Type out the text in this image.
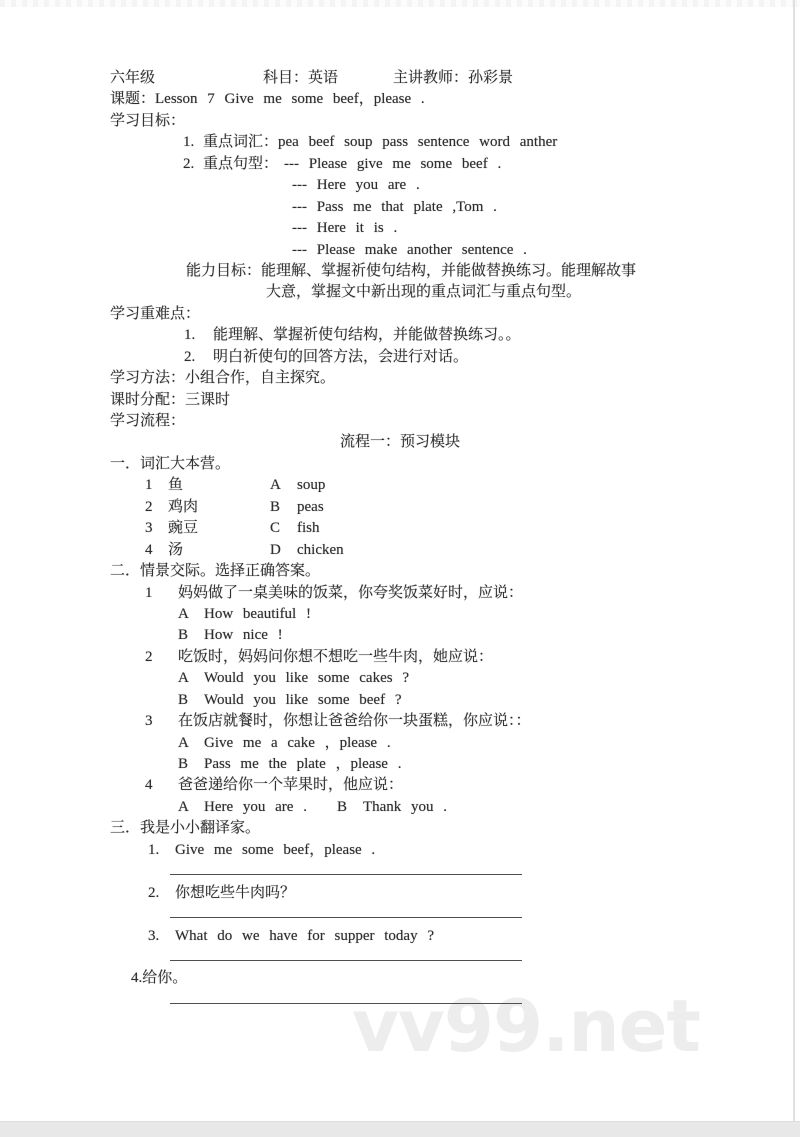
vv99.net
六年级	科目：英语	主讲教师：孙彩景
课题：Lesson 7 Give me some beef，please .
学习目标：
1. 重点词汇：pea beef soup pass sentence word anther
2. 重点句型： --- Please give me some beef .
--- Here you are .
--- Pass me that plate ,Tom .
--- Here it is .
--- Please make another sentence .
能力目标：能理解、掌握祈使句结构，并能做替换练习。能理解故事
大意，掌握文中新出现的重点词汇与重点句型。
学习重难点：
1. 能理解、掌握祈使句结构，并能做替换练习。。
2. 明白祈使句的回答方法，会进行对话。
学习方法：小组合作，自主探究。
课时分配：三课时
学习流程：
流程一：预习模块
一．词汇大本营。
1 鱼	A soup
2 鸡肉	B peas
3 豌豆	C fish
4 汤	D chicken
二．情景交际。选择正确答案。
1 妈妈做了一桌美味的饭菜，你夸奖饭菜好时，应说：
A How beautiful !
B How nice !
2 吃饭时，妈妈问你想不想吃一些牛肉，她应说：
A Would you like some cakes ?
B Would you like some beef ?
3 在饭店就餐时，你想让爸爸给你一块蛋糕，你应说：：
A Give me a cake ，please .
B Pass me the plate ，please .
4 爸爸递给你一个苹果时，他应说：
A Here you are . B Thank you .
三．我是小小翻译家。
1. Give me some beef，please .
2. 你想吃些牛肉吗？
3. What do we have for supper today ?
4.给你。
